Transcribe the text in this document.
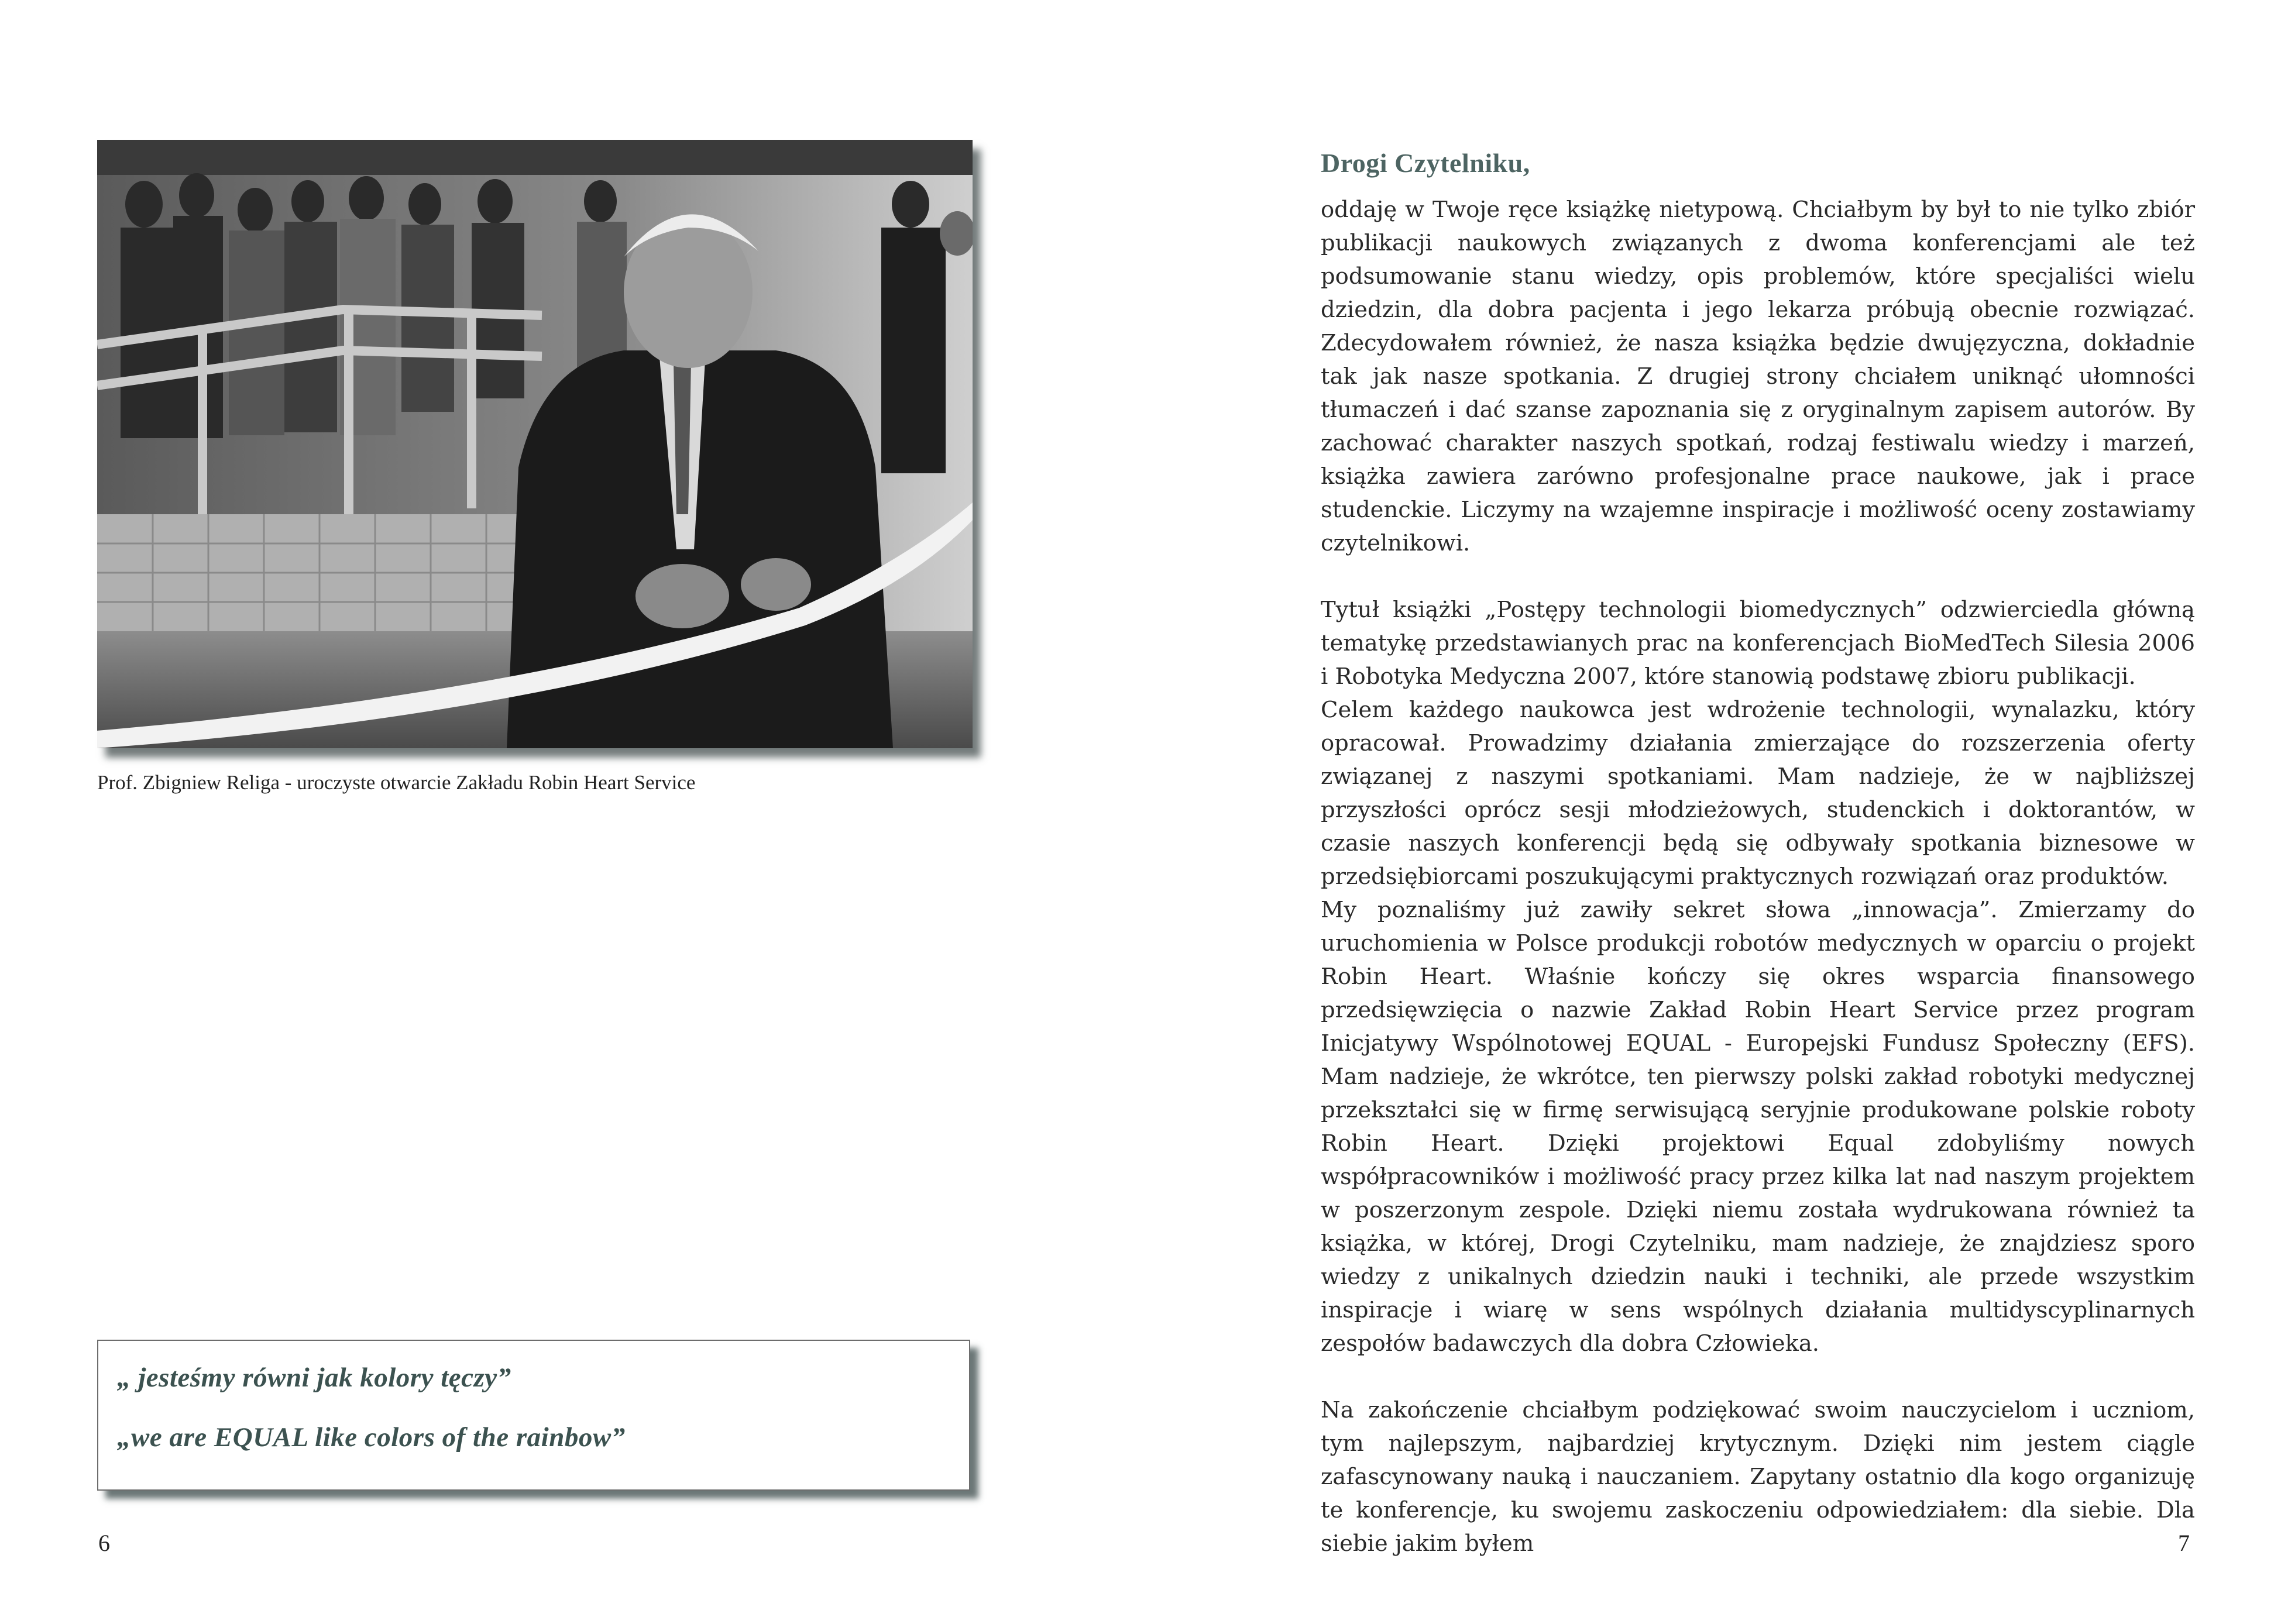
Prof. Zbigniew Religa - uroczyste otwarcie Zakładu Robin Heart Service

„ jesteśmy równi jak kolory tęczy”

„we are EQUAL like colors of the rainbow”

6
Drogi Czytelniku,

oddaję w Twoje ręce książkę nietypową. Chciałbym by był to nie tylko zbiór publikacji naukowych związanych z dwoma konferencjami ale też podsumowanie stanu wiedzy, opis problemów, które specjaliści wielu dziedzin, dla dobra pacjenta i jego lekarza próbują obecnie rozwiązać. Zdecydowałem również, że nasza książka będzie dwujęzyczna, dokładnie tak jak nasze spotkania. Z drugiej strony chciałem uniknąć ułomności tłumaczeń i dać szanse zapoznania się z oryginalnym zapisem autorów. By zachować charakter naszych spotkań, rodzaj festiwalu wiedzy i marzeń, książka zawiera zarówno profesjonalne prace naukowe, jak i prace studenckie. Liczymy na wzajemne inspiracje i możliwość oceny zostawiamy czytelnikowi.

Tytuł książki „Postępy technologii biomedycznych” odzwierciedla główną tematykę przedstawianych prac na konferencjach BioMedTech Silesia 2006 i Robotyka Medyczna 2007, które stanowią podstawę zbioru publikacji.

Celem każdego naukowca jest wdrożenie technologii, wynalazku, który opracował. Prowadzimy działania zmierzające do rozszerzenia oferty związanej z naszymi spotkaniami. Mam nadzieje, że w najbliższej przyszłości oprócz sesji młodzieżowych, studenckich i doktorantów, w czasie naszych konferencji będą się odbywały spotkania biznesowe w przedsiębiorcami poszukującymi praktycznych rozwiązań oraz produktów.

My poznaliśmy już zawiły sekret słowa „innowacja”. Zmierzamy do uruchomienia w Polsce produkcji robotów medycznych w oparciu o projekt Robin Heart. Właśnie kończy się okres wsparcia finansowego przedsięwzięcia o nazwie Zakład Robin Heart Service przez program Inicjatywy Wspólnotowej EQUAL - Europejski Fundusz Społeczny (EFS). Mam nadzieje, że wkrótce, ten pierwszy polski zakład robotyki medycznej przekształci się w firmę serwisującą seryjnie produkowane polskie roboty Robin Heart. Dzięki projektowi Equal zdobyliśmy nowych współpracowników i możliwość pracy przez kilka lat nad naszym projektem w poszerzonym zespole. Dzięki niemu została wydrukowana również ta książka, w której, Drogi Czytelniku, mam nadzieje, że znajdziesz sporo wiedzy z unikalnych dziedzin nauki i techniki, ale przede wszystkim inspiracje i wiarę w sens wspólnych działania multidyscyplinarnych zespołów badawczych dla dobra Człowieka.

Na zakończenie chciałbym podziękować swoim nauczycielom i uczniom, tym najlepszym, najbardziej krytycznym. Dzięki nim jestem ciągle zafascynowany nauką i nauczaniem. Zapytany ostatnio dla kogo organizuję te konferencje, ku swojemu zaskoczeniu odpowiedziałem: dla siebie. Dla siebie jakim byłem	7
